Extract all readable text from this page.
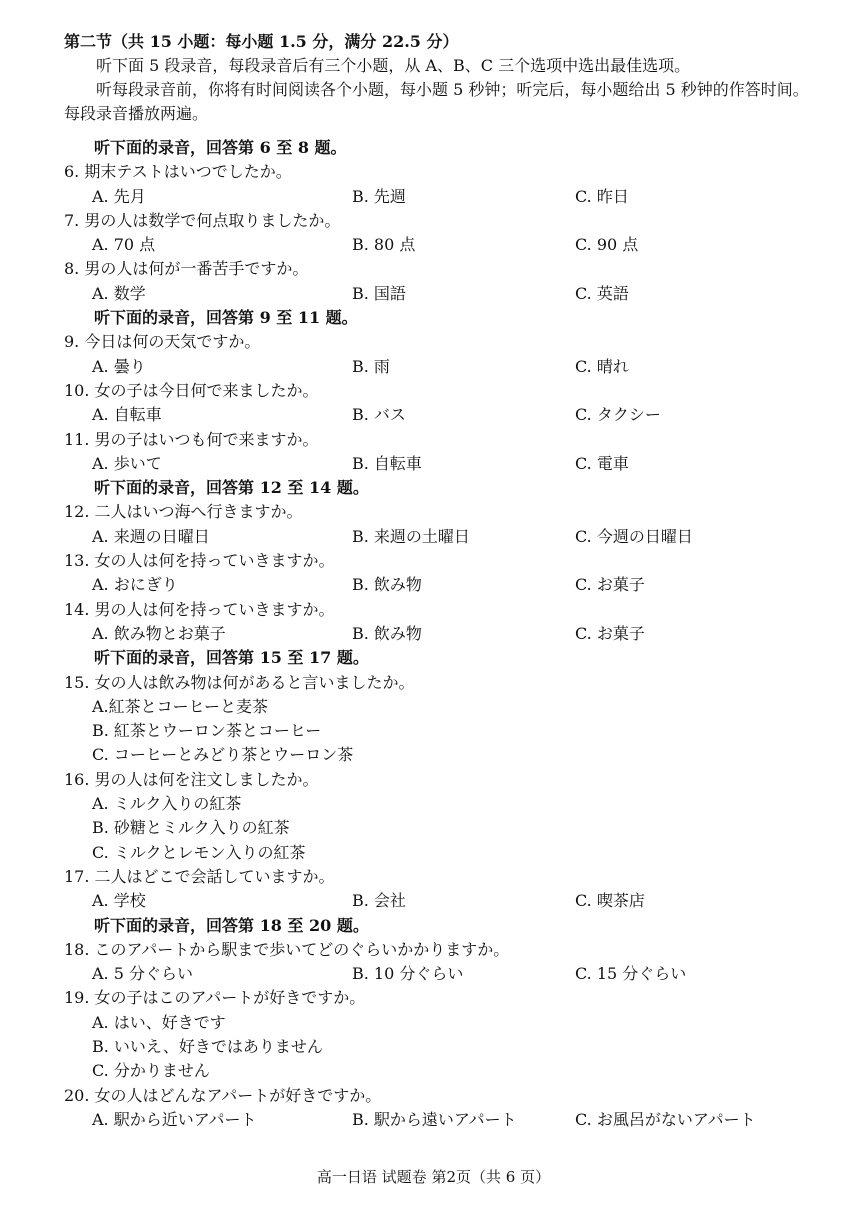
第二节（共 15 小题：每小题 1.5 分，满分 22.5 分）

听下面 5 段录音，每段录音后有三个小题，从 A、B、C 三个选项中选出最佳选项。

听每段录音前，你将有时间阅读各个小题，每小题 5 秒钟；听完后，每小题给出 5 秒钟的作答时间。每段录音播放两遍。

听下面的录音，回答第 6 至 8 题。
6. 期末テストはいつでしたか。
A. 先月	B. 先週	C. 昨日
7. 男の人は数学で何点取りましたか。
A. 70 点	B. 80 点	C. 90 点
8. 男の人は何が一番苦手ですか。
A. 数学	B. 国語	C. 英語
听下面的录音，回答第 9 至 11 题。
9. 今日は何の天気ですか。
A. 曇り	B. 雨	C. 晴れ
10. 女の子は今日何で来ましたか。
A. 自転車	B. バス	C. タクシー
11. 男の子はいつも何で来ますか。
A. 歩いて	B. 自転車	C. 電車
听下面的录音，回答第 12 至 14 题。
12. 二人はいつ海へ行きますか。
A. 来週の日曜日	B. 来週の土曜日	C. 今週の日曜日
13. 女の人は何を持っていきますか。
A. おにぎり	B. 飲み物	C. お菓子
14. 男の人は何を持っていきますか。
A. 飲み物とお菓子	B. 飲み物	C. お菓子
听下面的录音，回答第 15 至 17 题。
15. 女の人は飲み物は何があると言いましたか。
A.紅茶とコーヒーと麦茶
B. 紅茶とウーロン茶とコーヒー
C. コーヒーとみどり茶とウーロン茶
16. 男の人は何を注文しましたか。
A. ミルク入りの紅茶
B. 砂糖とミルク入りの紅茶
C. ミルクとレモン入りの紅茶
17. 二人はどこで会話していますか。
A. 学校	B. 会社	C. 喫茶店
听下面的录音，回答第 18 至 20 题。
18. このアパートから駅まで歩いてどのぐらいかかりますか。
A. 5 分ぐらい	B. 10 分ぐらい	C. 15 分ぐらい
19. 女の子はこのアパートが好きですか。
A. はい、好きです
B. いいえ、好きではありません
C. 分かりません
20. 女の人はどんなアパートが好きですか。
A. 駅から近いアパート	B. 駅から遠いアパート	C. お風呂がないアパート
高一日语 试题卷 第2页（共 6 页）
